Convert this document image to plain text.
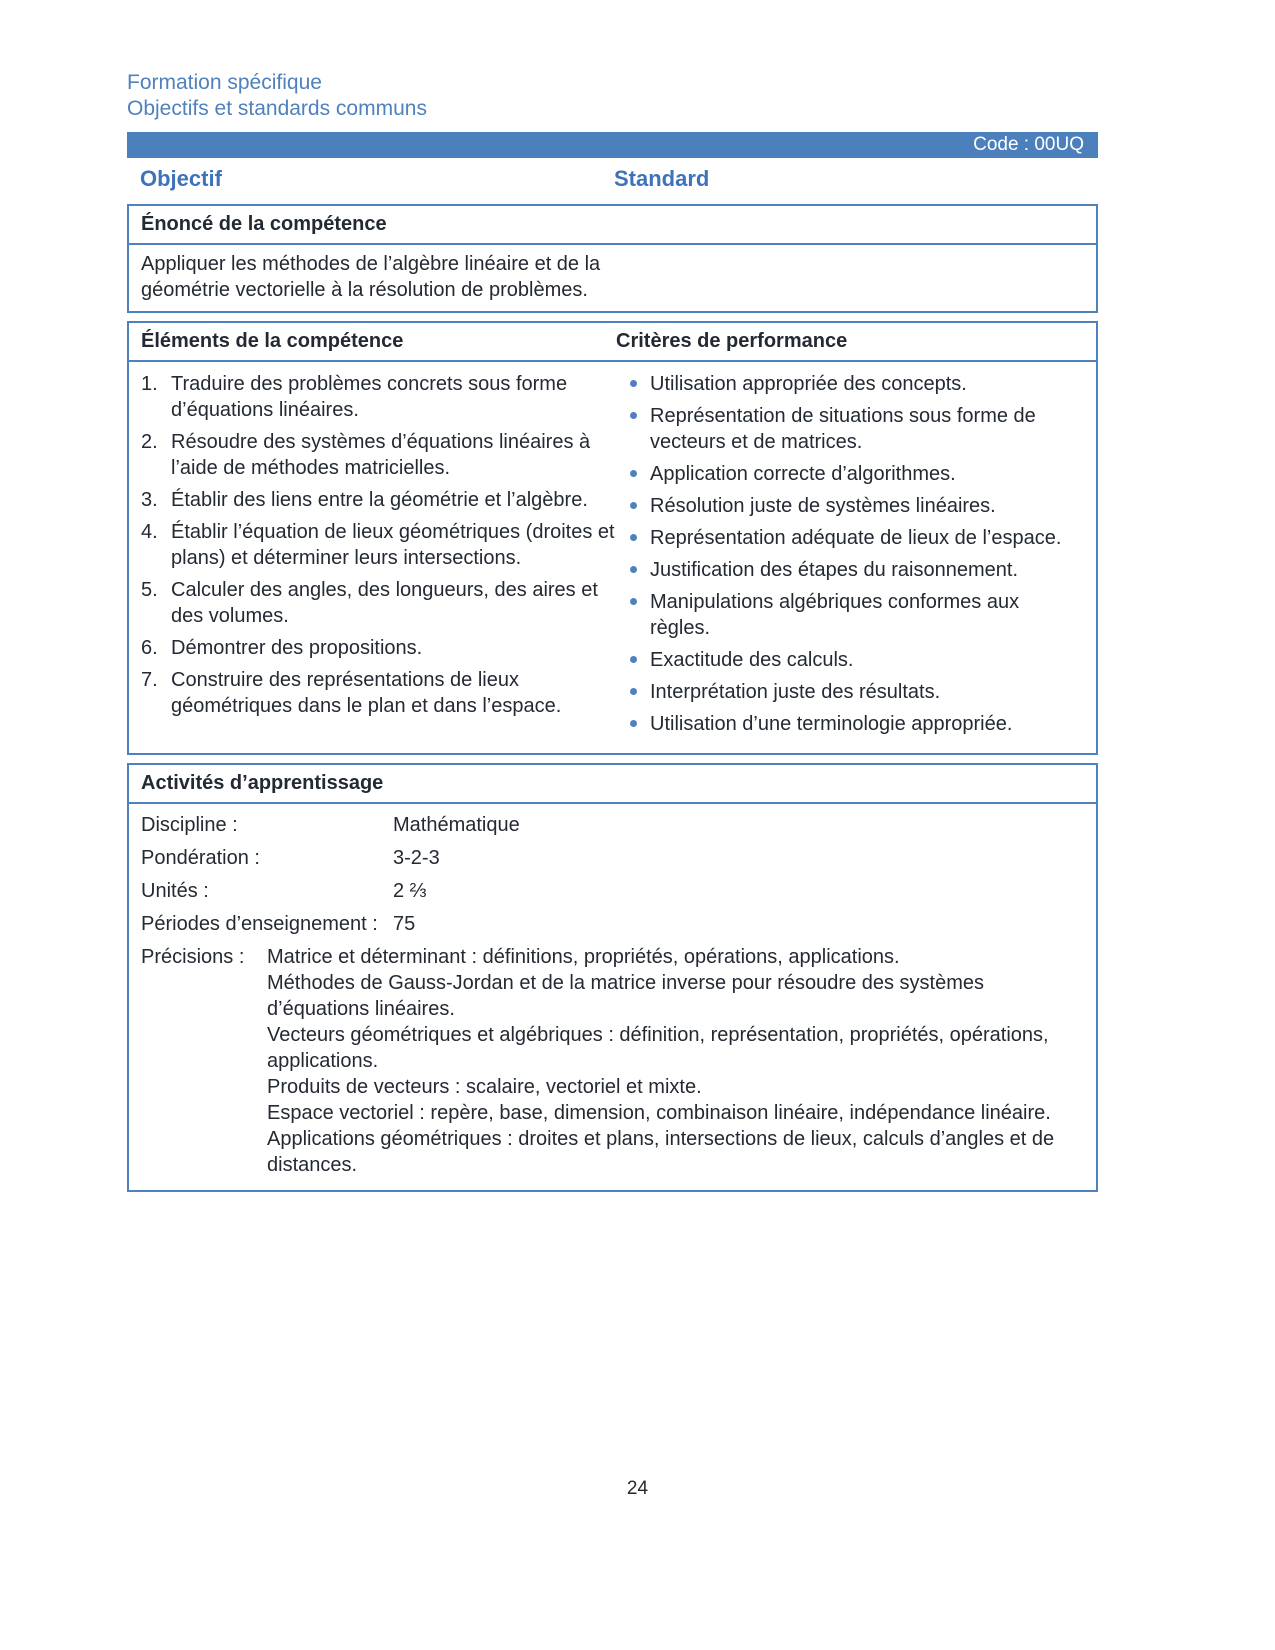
Formation spécifique
Objectifs et standards communs
Code : 00UQ
Objectif	Standard
Énoncé de la compétence

Appliquer les méthodes de l’algèbre linéaire et de la géométrie vectorielle à la résolution de problèmes.

Éléments de la compétence	Critères de performance
1. Traduire des problèmes concrets sous forme d’équations linéaires.
2. Résoudre des systèmes d’équations linéaires à l’aide de méthodes matricielles.
3. Établir des liens entre la géométrie et l’algèbre.
4. Établir l’équation de lieux géométriques (droites et plans) et déterminer leurs intersections.
5. Calculer des angles, des longueurs, des aires et des volumes.
6. Démontrer des propositions.
7. Construire des représentations de lieux géométriques dans le plan et dans l’espace.
Utilisation appropriée des concepts.
Représentation de situations sous forme de vecteurs et de matrices.
Application correcte d’algorithmes.
Résolution juste de systèmes linéaires.
Représentation adéquate de lieux de l’espace.
Justification des étapes du raisonnement.
Manipulations algébriques conformes aux règles.
Exactitude des calculs.
Interprétation juste des résultats.
Utilisation d’une terminologie appropriée.
Activités d’apprentissage
Discipline :	Mathématique
Pondération :	3-2-3
Unités :	2 ⅔
Périodes d’enseignement : 75
Précisions :	Matrice et déterminant : définitions, propriétés, opérations, applications.

Méthodes de Gauss-Jordan et de la matrice inverse pour résoudre des systèmes d’équations linéaires.

Vecteurs géométriques et algébriques : définition, représentation, propriétés, opérations, applications.

Produits de vecteurs : scalaire, vectoriel et mixte.

Espace vectoriel : repère, base, dimension, combinaison linéaire, indépendance linéaire.

Applications géométriques : droites et plans, intersections de lieux, calculs d’angles et de distances.

24
